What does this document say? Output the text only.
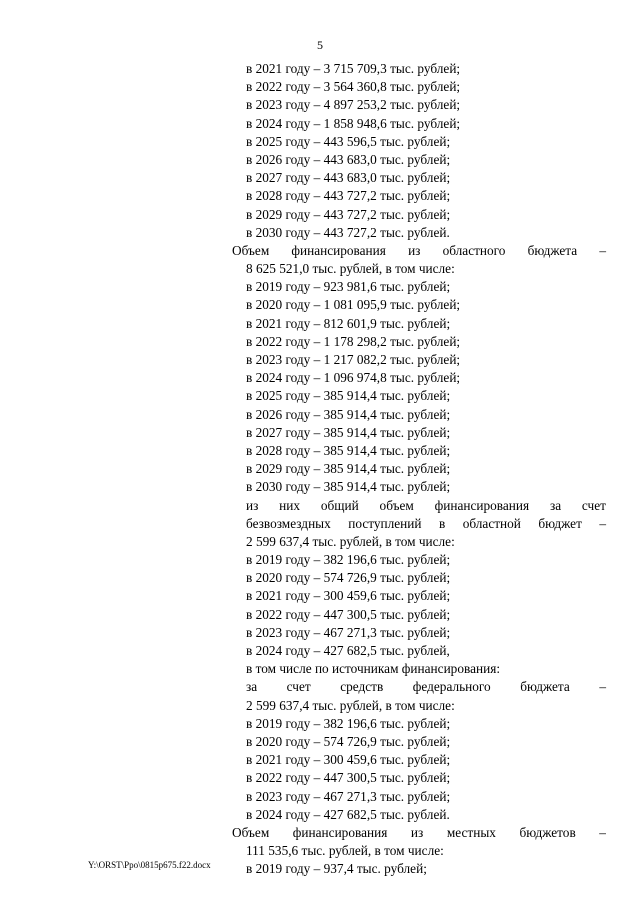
5
в 2021 году – 3 715 709,3 тыс. рублей;
в 2022 году – 3 564 360,8 тыс. рублей;
в 2023 году – 4 897 253,2 тыс. рублей;
в 2024 году – 1 858 948,6 тыс. рублей;
в 2025 году – 443 596,5 тыс. рублей;
в 2026 году – 443 683,0 тыс. рублей;
в 2027 году – 443 683,0 тыс. рублей;
в 2028 году – 443 727,2 тыс. рублей;
в 2029 году – 443 727,2 тыс. рублей;
в 2030 году – 443 727,2 тыс. рублей.
Объем финансирования из областного бюджета –
8 625 521,0 тыс. рублей, в том числе:
в 2019 году – 923 981,6 тыс. рублей;
в 2020 году – 1 081 095,9 тыс. рублей;
в 2021 году – 812 601,9 тыс. рублей;
в 2022 году – 1 178 298,2 тыс. рублей;
в 2023 году – 1 217 082,2 тыс. рублей;
в 2024 году – 1 096 974,8 тыс. рублей;
в 2025 году – 385 914,4 тыс. рублей;
в 2026 году – 385 914,4 тыс. рублей;
в 2027 году – 385 914,4 тыс. рублей;
в 2028 году – 385 914,4 тыс. рублей;
в 2029 году – 385 914,4 тыс. рублей;
в 2030 году – 385 914,4 тыс. рублей;
из них общий объем финансирования за счет
безвозмездных поступлений в областной бюджет –
2 599 637,4 тыс. рублей, в том числе:
в 2019 году – 382 196,6 тыс. рублей;
в 2020 году – 574 726,9 тыс. рублей;
в 2021 году – 300 459,6 тыс. рублей;
в 2022 году – 447 300,5 тыс. рублей;
в 2023 году – 467 271,3 тыс. рублей;
в 2024 году – 427 682,5 тыс. рублей,
в том числе по источникам финансирования:
за счет средств федерального бюджета –
2 599 637,4 тыс. рублей, в том числе:
в 2019 году – 382 196,6 тыс. рублей;
в 2020 году – 574 726,9 тыс. рублей;
в 2021 году – 300 459,6 тыс. рублей;
в 2022 году – 447 300,5 тыс. рублей;
в 2023 году – 467 271,3 тыс. рублей;
в 2024 году – 427 682,5 тыс. рублей.
Объем финансирования из местных бюджетов –
111 535,6 тыс. рублей, в том числе:
в 2019 году – 937,4 тыс. рублей;
Y:\ORST\Ppo\0815p675.f22.docx
